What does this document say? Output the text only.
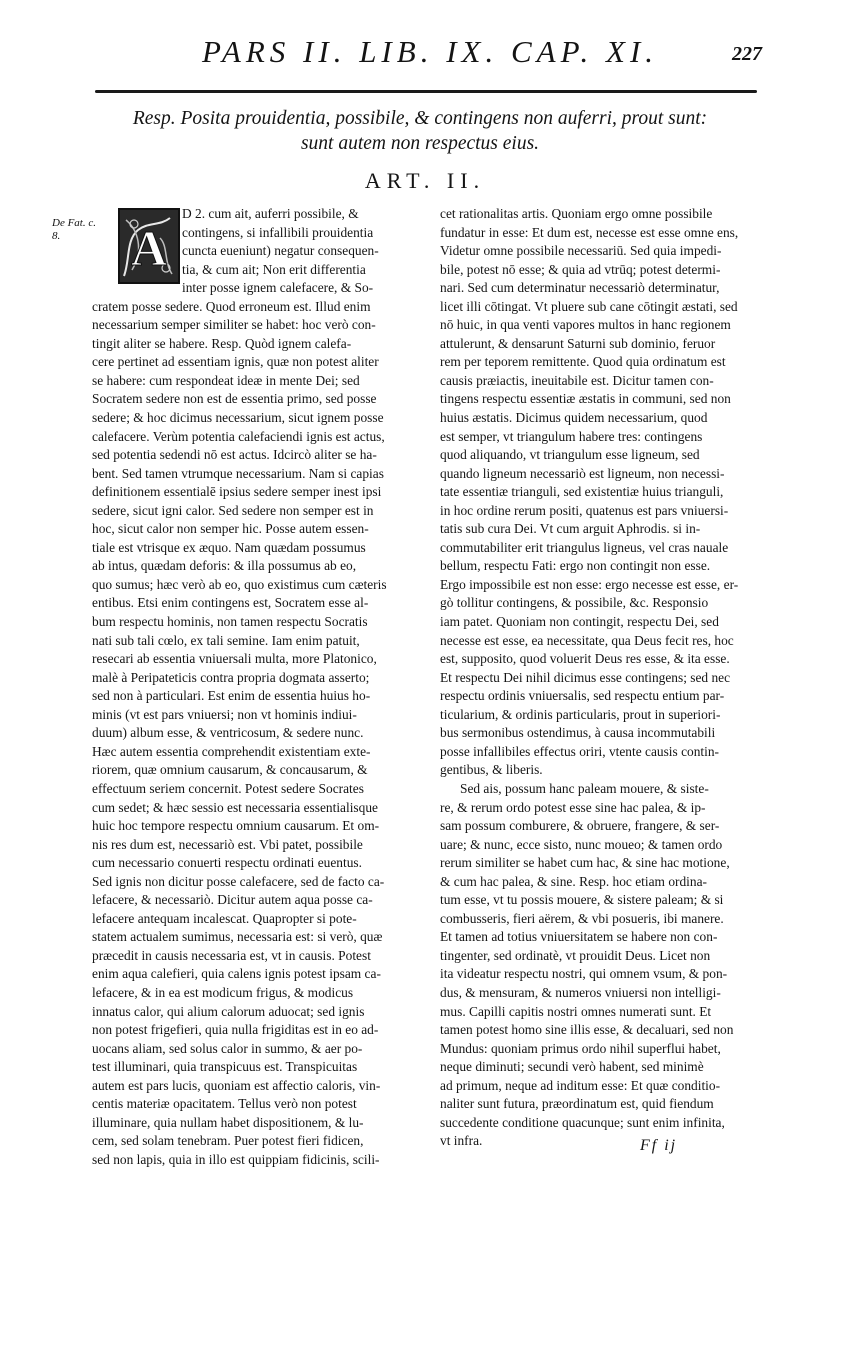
PARS II. LIB. IX. CAP. XI.	227
Resp. Posita prouidentia, possibile, & contingens non auferri, prout sunt:
sunt autem non respectus eius.
ART. II.
De Fat. c. 8.	A
D 2. cum ait, auferri possibile, &
contingens, si infallibili prouidentia
cuncta eueniunt) negatur consequen-
tia, & cum ait; Non erit differentia
inter posse ignem calefacere, & So-
cratem posse sedere. Quod erroneum est. Illud enim
necessarium semper similiter se habet: hoc verò con-
tingit aliter se habere. Resp. Quòd ignem calefa-
cere pertinet ad essentiam ignis, quæ non potest aliter
se habere: cum respondeat ideæ in mente Dei; sed
Socratem sedere non est de essentia primo, sed posse
sedere; & hoc dicimus necessarium, sicut ignem posse
calefacere. Verùm potentia calefaciendi ignis est actus,
sed potentia sedendi nō est actus. Idcircò aliter se ha-
bent. Sed tamen vtrumque necessarium. Nam si capias
definitionem essentialē ipsius sedere semper inest ipsi
sedere, sicut igni calor. Sed sedere non semper est in
hoc, sicut calor non semper hic. Posse autem essen-
tiale est vtrisque ex æquo. Nam quædam possumus
ab intus, quædam deforis: & illa possumus ab eo,
quo sumus; hæc verò ab eo, quo existimus cum cæteris
entibus. Etsi enim contingens est, Socratem esse al-
bum respectu hominis, non tamen respectu Socratis
nati sub tali cœlo, ex tali semine. Iam enim patuit,
resecari ab essentia vniuersali multa, more Platonico,
malè à Peripateticis contra propria dogmata asserto;
sed non à particulari. Est enim de essentia huius ho-
minis (vt est pars vniuersi; non vt hominis indiui-
duum) album esse, & ventricosum, & sedere nunc.
Hæc autem essentia comprehendit existentiam exte-
riorem, quæ omnium causarum, & concausarum, &
effectuum seriem concernit. Potest sedere Socrates
cum sedet; & hæc sessio est necessaria essentialisque
huic hoc tempore respectu omnium causarum. Et om-
nis res dum est, necessariò est. Vbi patet, possibile
cum necessario conuerti respectu ordinati euentus.
Sed ignis non dicitur posse calefacere, sed de facto ca-
lefacere, & necessariò. Dicitur autem aqua posse ca-
lefacere antequam incalescat. Quapropter si pote-
statem actualem sumimus, necessaria est: si verò, quæ
præcedit in causis necessaria est, vt in causis. Potest
enim aqua calefieri, quia calens ignis potest ipsam ca-
lefacere, & in ea est modicum frigus, & modicus
innatus calor, qui alium calorum aduocat; sed ignis
non potest frigefieri, quia nulla frigiditas est in eo ad-
uocans aliam, sed solus calor in summo, & aer po-
test illuminari, quia transpicuus est. Transpicuitas
autem est pars lucis, quoniam est affectio caloris, vin-
centis materiæ opacitatem. Tellus verò non potest
illuminare, quia nullam habet dispositionem, & lu-
cem, sed solam tenebram. Puer potest fieri fidicen,
sed non lapis, quia in illo est quippiam fidicinis, scili-
cet rationalitas artis. Quoniam ergo omne possibile
fundatur in esse: Et dum est, necesse est esse omne ens,
Videtur omne possibile necessariū. Sed quia impedi-
bile, potest nō esse; & quia ad vtrūq; potest determi-
nari. Sed cum determinatur necessariò determinatur,
licet illi cōtingat. Vt pluere sub cane cōtingit æstati, sed
nō huic, in qua venti vapores multos in hanc regionem
attulerunt, & densarunt Saturni sub dominio, feruor
rem per teporem remittente. Quod quia ordinatum est
causis præiactis, ineuitabile est. Dicitur tamen con-
tingens respectu essentiæ æstatis in communi, sed non
huius æstatis. Dicimus quidem necessarium, quod
est semper, vt triangulum habere tres: contingens
quod aliquando, vt triangulum esse ligneum, sed
quando ligneum necessariò est ligneum, non necessi-
tate essentiæ trianguli, sed existentiæ huius trianguli,
in hoc ordine rerum positi, quatenus est pars vniuersi-
tatis sub cura Dei. Vt cum arguit Aphrodis. si in-
commutabiliter erit triangulus ligneus, vel cras nauale
bellum, respectu Fati: ergo non contingit non esse.
Ergo impossibile est non esse: ergo necesse est esse, er-
gò tollitur contingens, & possibile, &c. Responsio
iam patet. Quoniam non contingit, respectu Dei, sed
necesse est esse, ea necessitate, qua Deus fecit res, hoc
est, supposito, quod voluerit Deus res esse, & ita esse.
Et respectu Dei nihil dicimus esse contingens; sed nec
respectu ordinis vniuersalis, sed respectu entium par-
ticularium, & ordinis particularis, prout in superiori-
bus sermonibus ostendimus, à causa incommutabili
posse infallibiles effectus oriri, vtente causis contin-
gentibus, & liberis.
Sed ais, possum hanc paleam mouere, & siste-
re, & rerum ordo potest esse sine hac palea, & ip-
sam possum comburere, & obruere, frangere, & ser-
uare; & nunc, ecce sisto, nunc moueo; & tamen ordo
rerum similiter se habet cum hac, & sine hac motione,
& cum hac palea, & sine. Resp. hoc etiam ordina-
tum esse, vt tu possis mouere, & sistere paleam; & si
combusseris, fieri aërem, & vbi posueris, ibi manere.
Et tamen ad totius vniuersitatem se habere non con-
tingenter, sed ordinatè, vt prouidit Deus. Licet non
ita videatur respectu nostri, qui omnem vsum, & pon-
dus, & mensuram, & numeros vniuersi non intelligi-
mus. Capilli capitis nostri omnes numerati sunt. Et
tamen potest homo sine illis esse, & decaluari, sed non
Mundus: quoniam primus ordo nihil superflui habet,
neque diminuti; secundi verò habent, sed minimè
ad primum, neque ad inditum esse: Et quæ conditio-
naliter sunt futura, præordinatum est, quid fiendum
succedente conditione quacunque; sunt enim infinita,
vt infra.	Ff ij
